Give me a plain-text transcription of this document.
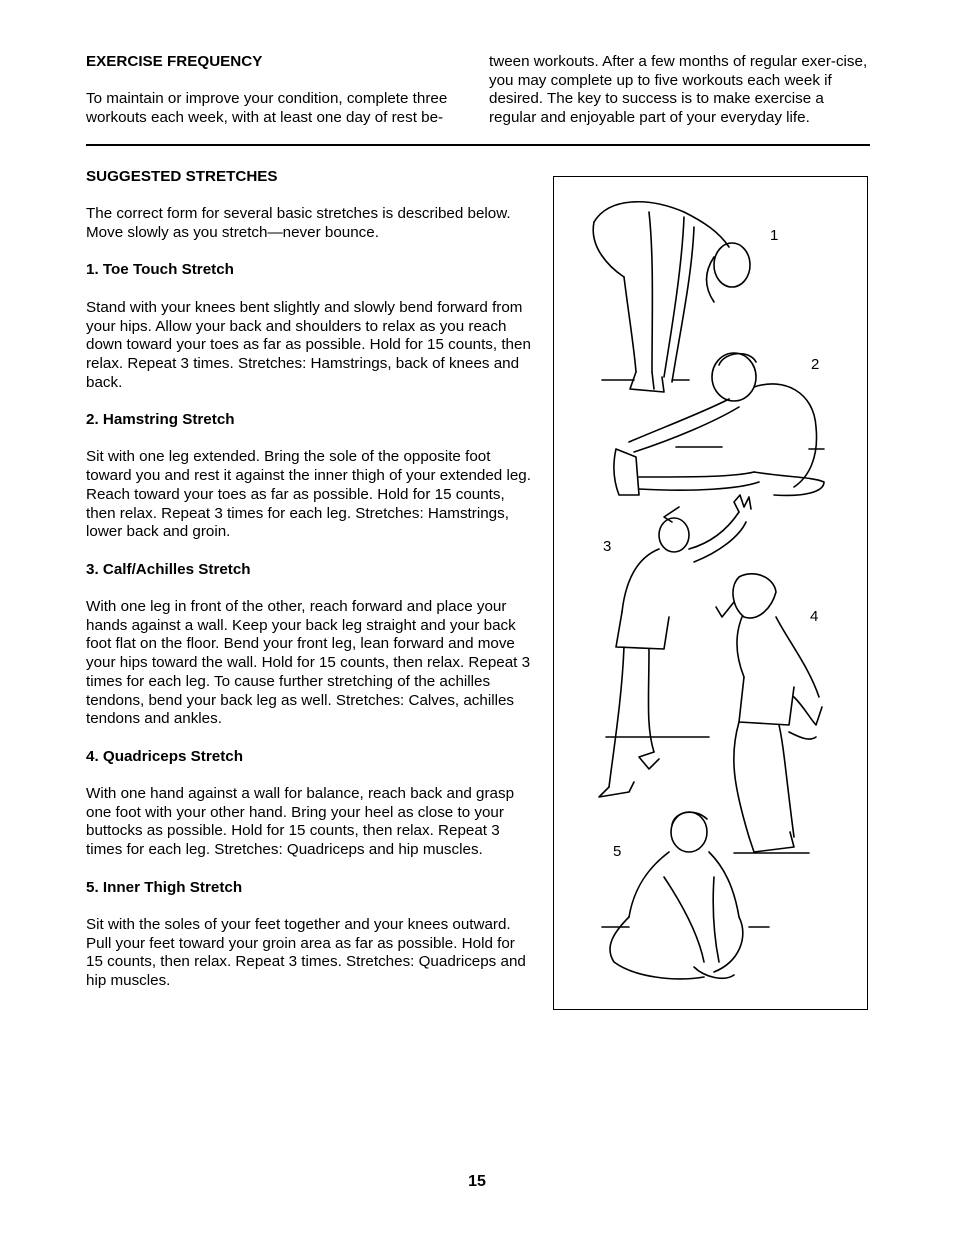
EXERCISE FREQUENCY
To maintain or improve your condition, complete three workouts each week, with at least one day of rest be-
tween workouts. After a few months of regular exer-cise, you may complete up to five workouts each week if desired. The key to success is to make exercise a regular and enjoyable part of your everyday life.

SUGGESTED STRETCHES

The correct form for several basic stretches is described below. Move slowly as you stretch—never bounce.

1. Toe Touch Stretch

Stand with your knees bent slightly and slowly bend forward from your hips. Allow your back and shoulders to relax as you reach down toward your toes as far as possible. Hold for 15 counts, then relax. Repeat 3 times. Stretches: Hamstrings, back of knees and back.

2. Hamstring Stretch

Sit with one leg extended. Bring the sole of the opposite foot toward you and rest it against the inner thigh of your extended leg. Reach toward your toes as far as possible. Hold for 15 counts, then relax. Repeat 3 times for each leg. Stretches: Hamstrings, lower back and groin.

3. Calf/Achilles Stretch

With one leg in front of the other, reach forward and place your hands against a wall. Keep your back leg straight and your back foot flat on the floor. Bend your front leg, lean forward and move your hips toward the wall. Hold for 15 counts, then relax. Repeat 3 times for each leg. To cause further stretching of the achilles tendons, bend your back leg as well. Stretches: Calves, achilles tendons and ankles.

4. Quadriceps Stretch

With one hand against a wall for balance, reach back and grasp one foot with your other hand. Bring your heel as close to your buttocks as possible. Hold for 15 counts, then relax. Repeat 3 times for each leg. Stretches: Quadriceps and hip muscles.

5. Inner Thigh Stretch

Sit with the soles of your feet together and your knees outward. Pull your feet toward your groin area as far as possible. Hold for 15 counts, then relax. Repeat 3 times. Stretches: Quadriceps and hip muscles.

1
2
3
4
5
15
